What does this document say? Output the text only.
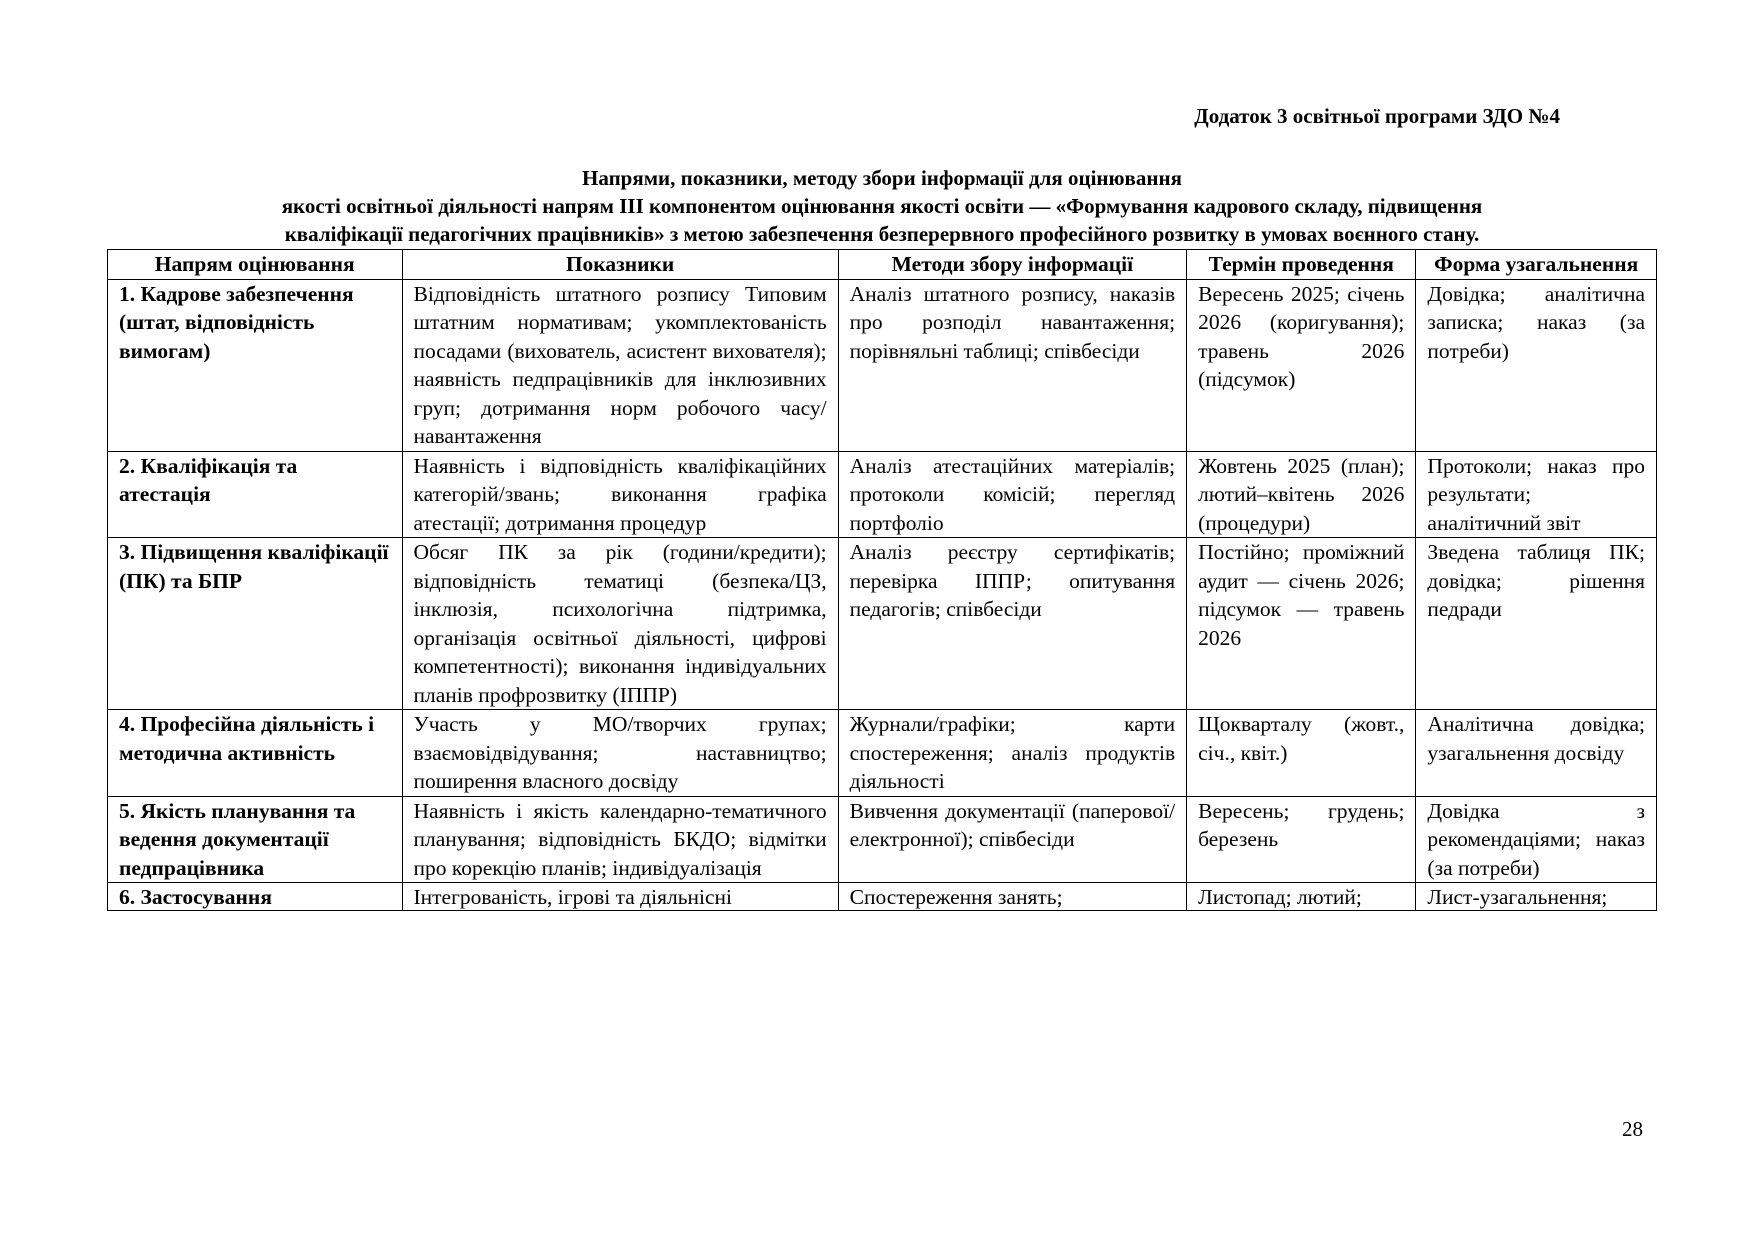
Додаток 3 освітньої програми ЗДО №4
Напрями, показники, методу збори інформації для оцінювання
якості освітньої діяльності напрям ІІІ компонентом оцінювання якості освіти — «Формування кадрового складу, підвищення
кваліфікації педагогічних працівників» з метою забезпечення безперервного професійного розвитку в умовах воєнного стану.
Напрям оцінювання	Показники	Методи збору інформації	Термін проведення	Форма узагальнення
1. Кадрове забезпечення (штат, відповідність вимогам)	Відповідність штатного розпису Типовим штатним нормативам; укомплектованість посадами (вихователь, асистент вихователя); наявність педпрацівників для інклюзивних груп; дотримання норм робочого часу/навантаження	Аналіз штатного розпису, наказів про розподіл навантаження; порівняльні таблиці; співбесіди	Вересень 2025; січень 2026 (коригування); травень 2026 (підсумок)	Довідка; аналітична записка; наказ (за потреби)
2. Кваліфікація та атестація	Наявність і відповідність кваліфікаційних категорій/звань; виконання графіка атестації; дотримання процедур	Аналіз атестаційних матеріалів; протоколи комісій; перегляд портфоліо	Жовтень 2025 (план); лютий–квітень 2026 (процедури)	Протоколи; наказ про результати; аналітичний звіт
3. Підвищення кваліфікації (ПК) та БПР	Обсяг ПК за рік (години/кредити); відповідність тематиці (безпека/ЦЗ, інклюзія, психологічна підтримка, організація освітньої діяльності, цифрові компетентності); виконання індивідуальних планів профрозвитку (ІППР)	Аналіз реєстру сертифікатів; перевірка ІППР; опитування педагогів; співбесіди	Постійно; проміжний аудит — січень 2026; підсумок — травень 2026	Зведена таблиця ПК; довідка; рішення педради
4. Професійна діяльність і методична активність	Участь у МО/творчих групах; взаємовідвідування; наставництво; поширення власного досвіду	Журнали/графіки; карти спостереження; аналіз продуктів діяльності	Щокварталу (жовт., січ., квіт.)	Аналітична довідка; узагальнення досвіду
5. Якість планування та ведення документації педпрацівника	Наявність і якість календарно-тематичного планування; відповідність БКДО; відмітки про корекцію планів; індивідуалізація	Вивчення документації (паперової/електронної); співбесіди	Вересень; грудень; березень	Довідка з рекомендаціями; наказ (за потреби)

6. Застосування	Інтегрованість, ігрові та діяльнісні	Спостереження занять;	Листопад; лютий;	Лист-узагальнення;
28
